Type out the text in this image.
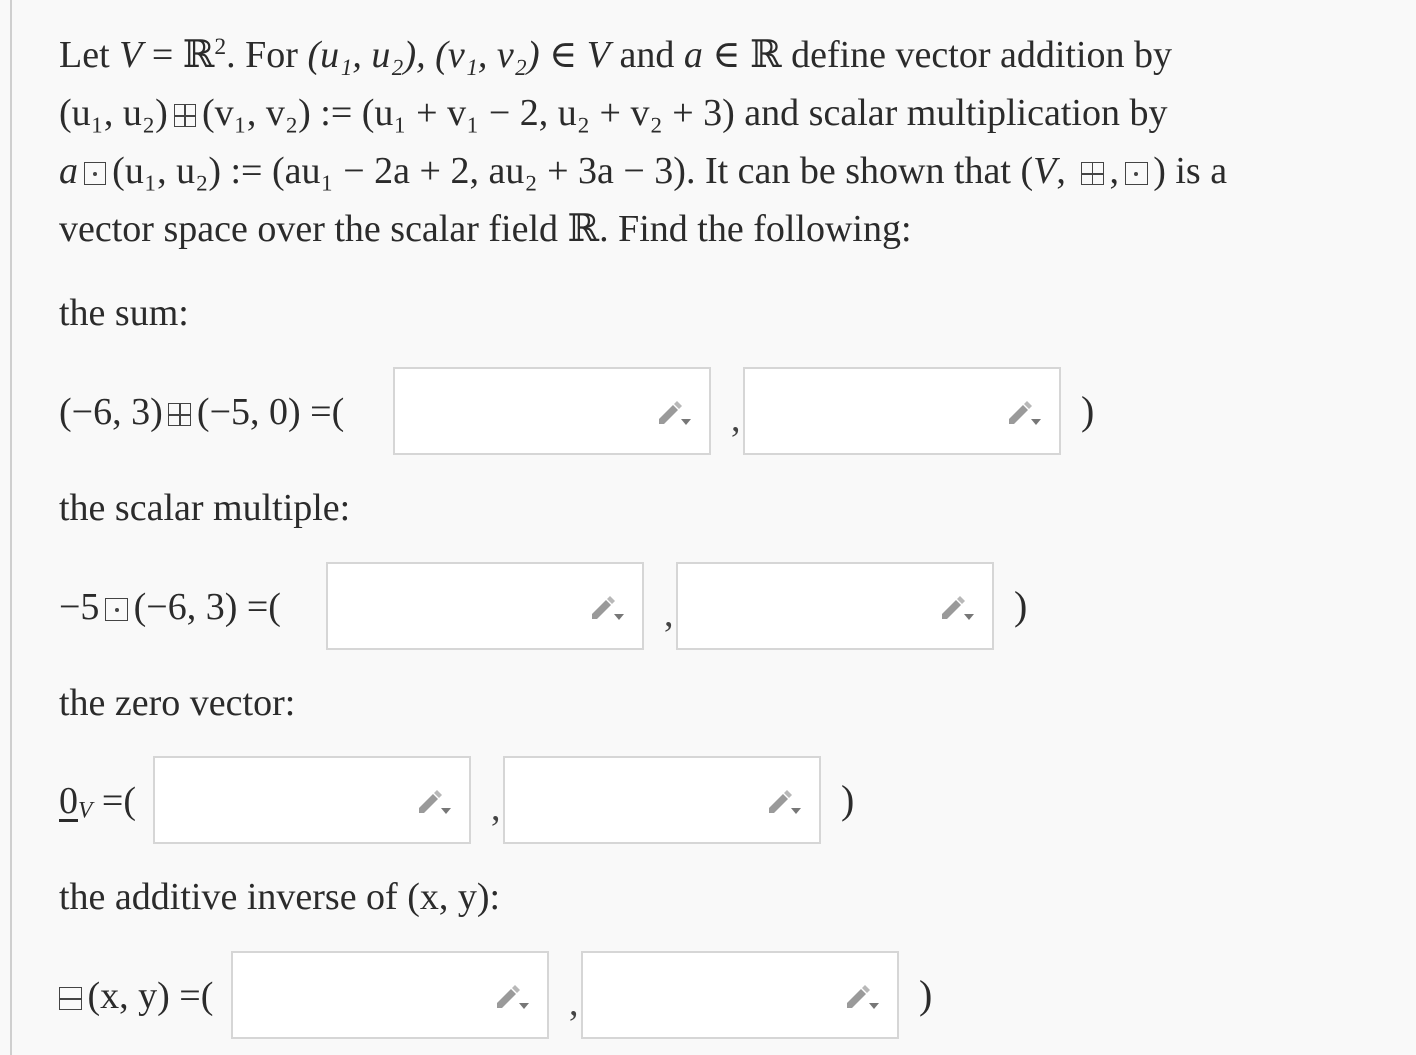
Let V = ℝ$^2$. For (u₁, u₂), (v₁, v₂) ∈ V and a ∈ ℝ define vector addition by
(u₁, u₂) (v₁, v₂) := (u₁ + v₁ − 2, u₂ + v₂ + 3) and scalar multiplication by
a (u₁, u₂) := (au₁ − 2a + 2, au₂ + 3a − 3). It can be shown that (V, , ) is a
vector space over the scalar field ℝ. Find the following:

the sum:
(−6, 3) (−5, 0) =(	,	)
the scalar multiple:
−5 (−6, 3) =(	,	)
the zero vector:
$0_V$ =(	,	)
the additive inverse of (x, y):
(x, y) =(	,	)
